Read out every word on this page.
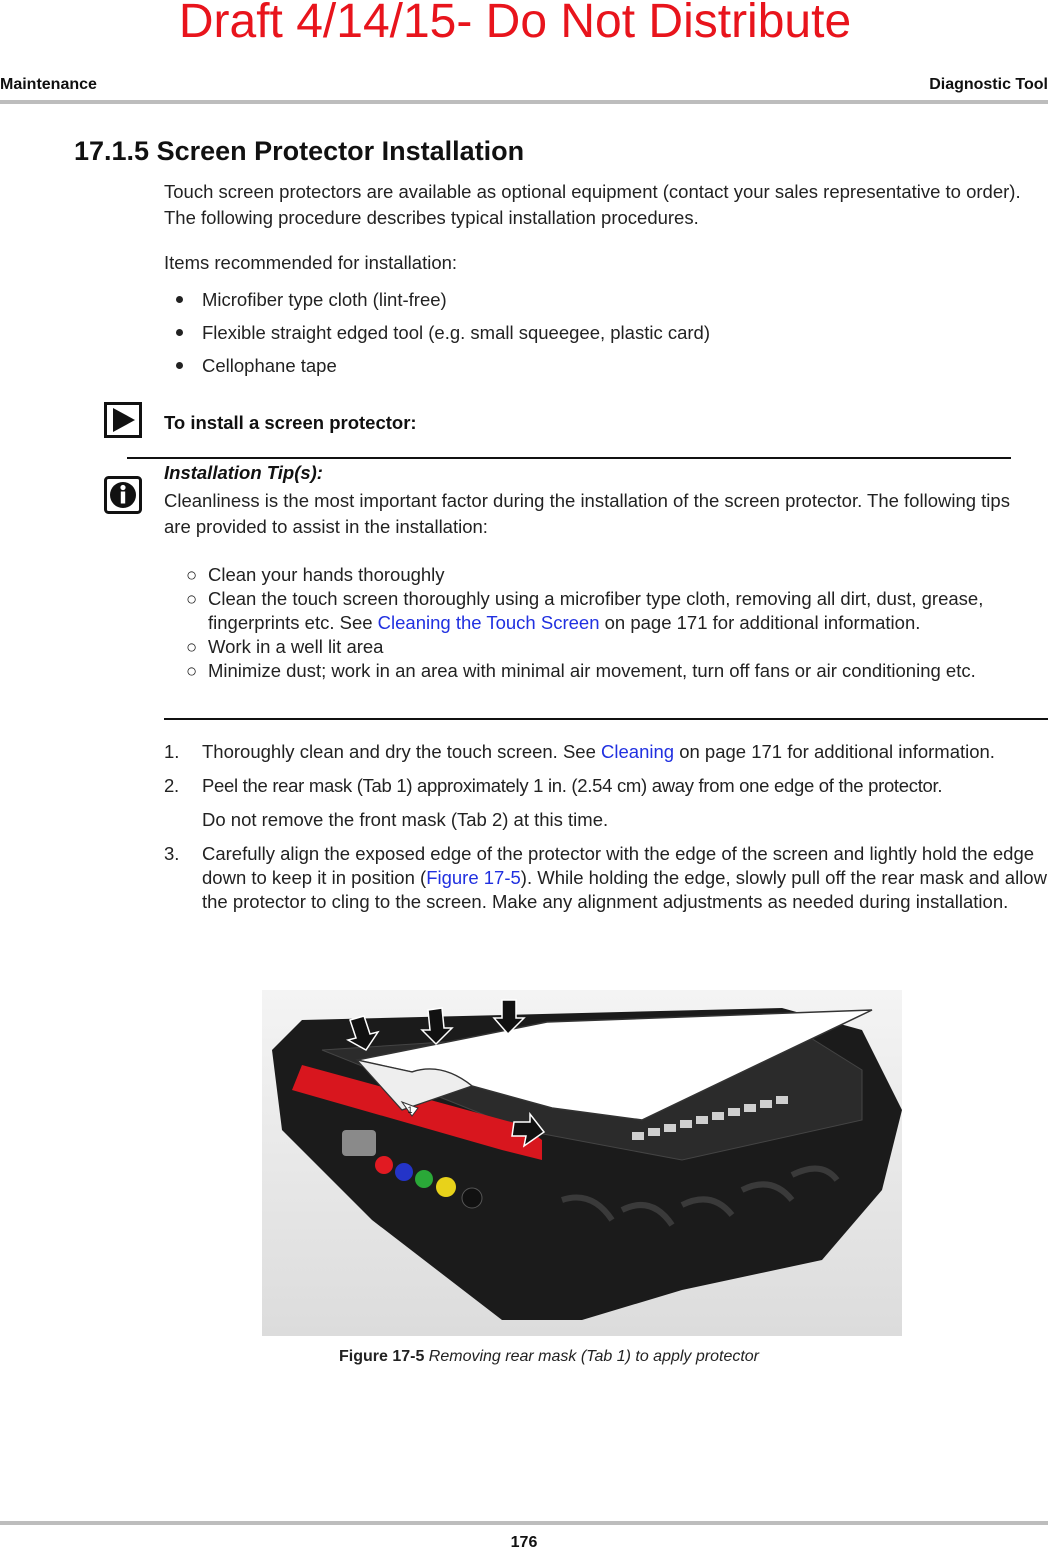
Draft 4/14/15- Do Not Distribute
Maintenance	Diagnostic Tool
17.1.5 Screen Protector Installation
Touch screen protectors are available as optional equipment (contact your sales representative to order). The following procedure describes typical installation procedures.
Items recommended for installation:
Microfiber type cloth (lint-free)
Flexible straight edged tool (e.g. small squeegee, plastic card)
Cellophane tape
To install a screen protector:
Installation Tip(s):
Cleanliness is the most important factor during the installation of the screen protector. The following tips are provided to assist in the installation:
○ Clean your hands thoroughly
○ Clean the touch screen thoroughly using a microfiber type cloth, removing all dirt, dust, grease, fingerprints etc. See Cleaning the Touch Screen on page 171 for additional information.
○ Work in a well lit area
○ Minimize dust; work in an area with minimal air movement, turn off fans or air conditioning etc.
1. Thoroughly clean and dry the touch screen. See Cleaning on page 171 for additional information.
2. Peel the rear mask (Tab 1) approximately 1 in. (2.54 cm) away from one edge of the protector.
Do not remove the front mask (Tab 2) at this time.
3. Carefully align the exposed edge of the protector with the edge of the screen and lightly hold the edge down to keep it in position (Figure 17-5). While holding the edge, slowly pull off the rear mask and allow the protector to cling to the screen. Make any alignment adjustments as needed during installation.
1
Figure 17-5 Removing rear mask (Tab 1) to apply protector
176
